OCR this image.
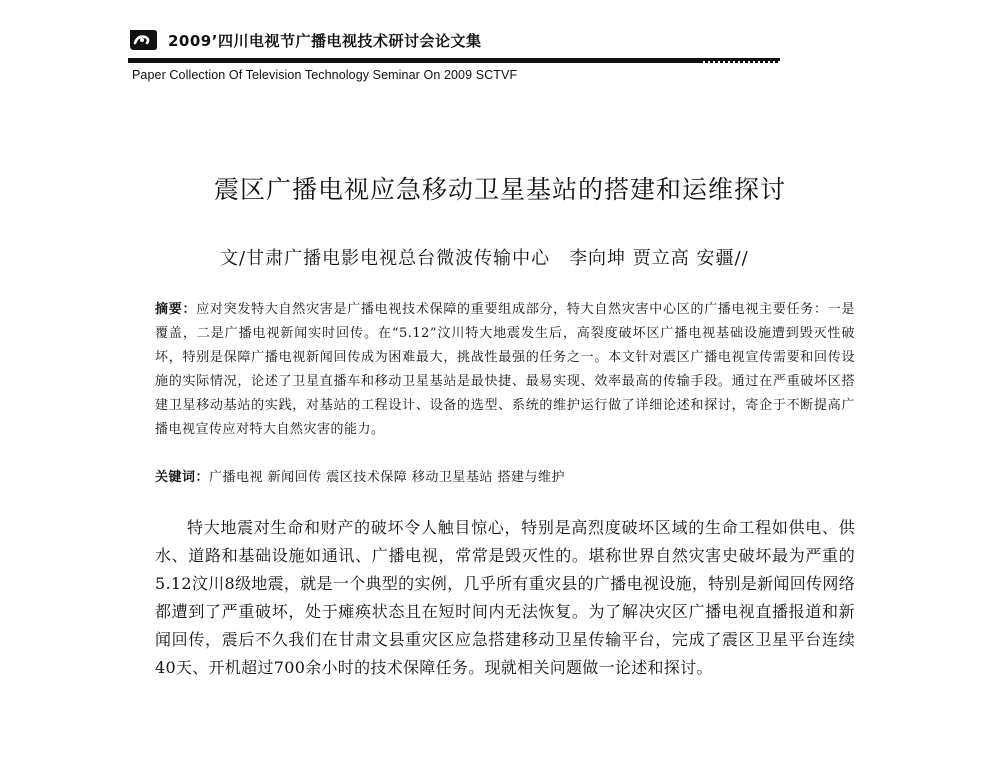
2009’四川电视节广播电视技术研讨会论文集
Paper Collection Of Television Technology Seminar On 2009 SCTVF
震区广播电视应急移动卫星基站的搭建和运维探讨
文/甘肃广播电影电视总台微波传输中心　李向坤 贾立高 安疆//
摘要：应对突发特大自然灾害是广播电视技术保障的重要组成部分，特大自然灾害中心区的广播电视主要任务：一是覆盖，二是广播电视新闻实时回传。在“5.12”汶川特大地震发生后，高裂度破坏区广播电视基础设施遭到毁灭性破坏，特别是保障广播电视新闻回传成为困难最大，挑战性最强的任务之一。本文针对震区广播电视宣传需要和回传设施的实际情况，论述了卫星直播车和移动卫星基站是最快捷、最易实现、效率最高的传输手段。通过在严重破坏区搭建卫星移动基站的实践，对基站的工程设计、设备的选型、系统的维护运行做了详细论述和探讨，寄企于不断提高广播电视宣传应对特大自然灾害的能力。
关键词：广播电视 新闻回传 震区技术保障 移动卫星基站 搭建与维护

特大地震对生命和财产的破坏令人触目惊心，特别是高烈度破坏区域的生命工程如供电、供水、道路和基础设施如通讯、广播电视，常常是毁灭性的。堪称世界自然灾害史破坏最为严重的5.12汶川8级地震，就是一个典型的实例，几乎所有重灾县的广播电视设施，特别是新闻回传网络都遭到了严重破坏，处于瘫痪状态且在短时间内无法恢复。为了解决灾区广播电视直播报道和新闻回传，震后不久我们在甘肃文县重灾区应急搭建移动卫星传输平台，完成了震区卫星平台连续40天、开机超过700余小时的技术保障任务。现就相关问题做一论述和探讨。
